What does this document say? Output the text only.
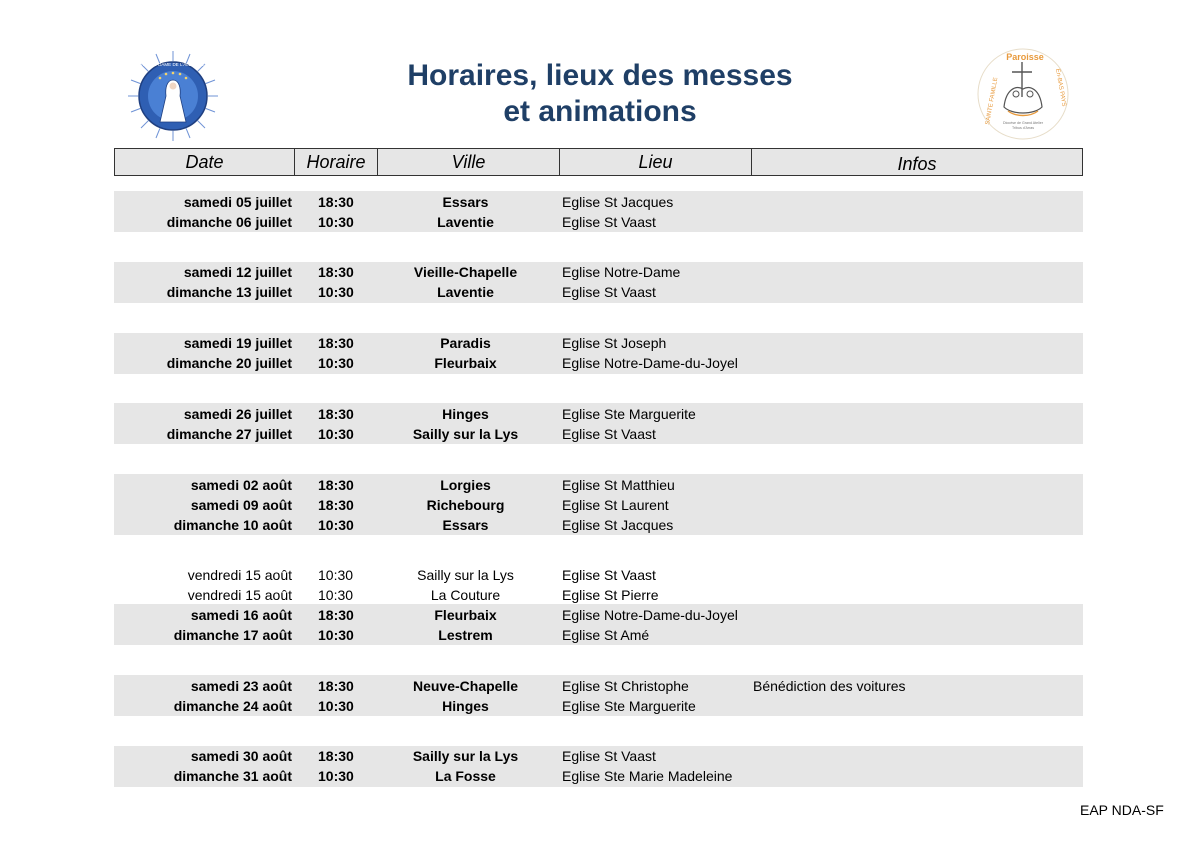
NOTRE-DAME DE L'ALLIANCE	Horaires, lieux des messes
et animations
Paroisse
SAINTE FAMILLE	En-BAS PAYS
Diocèse de Grand Atelier
Tribus d'Arras
Date	Horaire	Ville	Lieu	Infos
samedi 05 juillet	18:30	Essars	Eglise St Jacques
dimanche 06 juillet	10:30	Laventie	Eglise St Vaast
samedi 12 juillet	18:30	Vieille-Chapelle	Eglise Notre-Dame
dimanche 13 juillet	10:30	Laventie	Eglise St Vaast
samedi 19 juillet	18:30	Paradis	Eglise St Joseph
dimanche 20 juillet	10:30	Fleurbaix	Eglise Notre-Dame-du-Joyel
samedi 26 juillet	18:30	Hinges	Eglise Ste Marguerite
dimanche 27 juillet	10:30	Sailly sur la Lys	Eglise St Vaast
samedi 02 août	18:30	Lorgies	Eglise St Matthieu
samedi 09 août	18:30	Richebourg	Eglise St Laurent
dimanche 10 août	10:30	Essars	Eglise St Jacques
vendredi 15 août	10:30	Sailly sur la Lys	Eglise St Vaast
vendredi 15 août	10:30	La Couture	Eglise St Pierre
samedi 16 août	18:30	Fleurbaix	Eglise Notre-Dame-du-Joyel
dimanche 17 août	10:30	Lestrem	Eglise St Amé
samedi 23 août	18:30	Neuve-Chapelle	Eglise St Christophe	Bénédiction des voitures
dimanche 24 août	10:30	Hinges	Eglise Ste Marguerite
samedi 30 août	18:30	Sailly sur la Lys	Eglise St Vaast
dimanche 31 août	10:30	La Fosse	Eglise Ste Marie Madeleine
EAP NDA-SF
